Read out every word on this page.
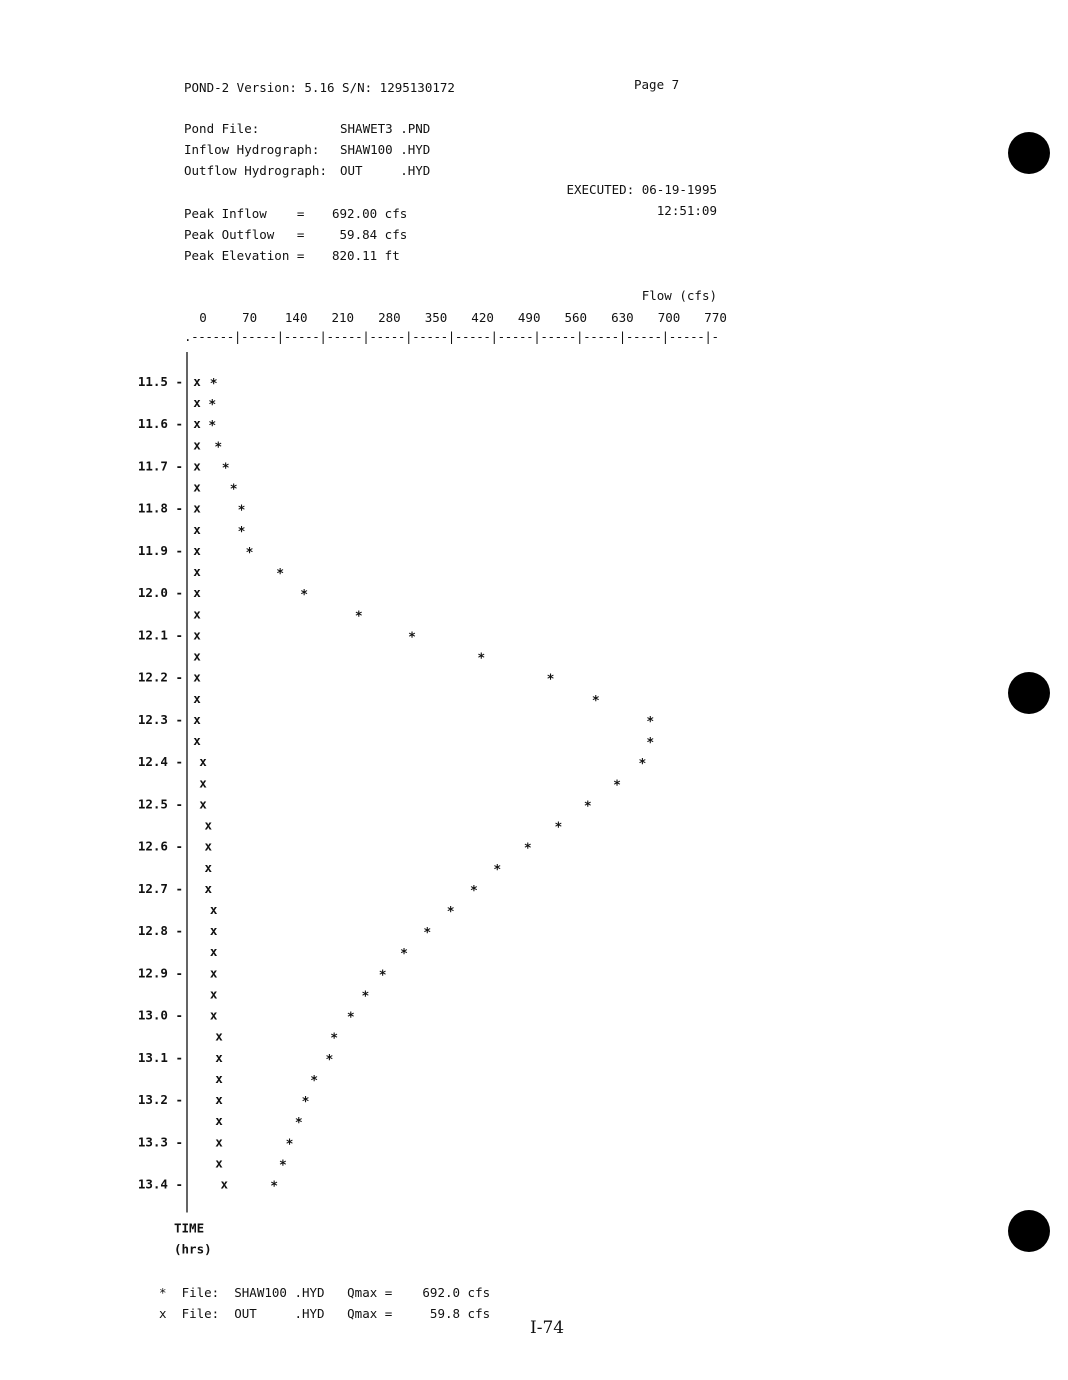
POND-2 Version: 5.16 S/N: 1295130172	Page 7
Pond File:	SHAWET3 .PND
Inflow Hydrograph: SHAW100 .HYD
Outflow Hydrograph: OUT     .HYD
EXECUTED: 06-19-1995
12:51:09
Peak Inflow    = 692.00 cfs
Peak Outflow   = 59.84 cfs
Peak Elevation = 820.11 ft
Flow (cfs)
0	70 140 210 280 350 420 490 560 630 700 770
.------|-----|-----|-----|-----|-----|-----|-----|-----|-----|-----|-----|-
11.5 -
11.6 -
11.7 -
11.8 -
11.9 -
12.0 -
12.1 -
12.2 -
12.3 -
12.4 -
12.5 -
12.6 -
12.7 -
12.8 -
12.9 -
13.0 -
13.1 -
13.2 -
13.3 -
13.4 -
TIME
(hrs)
*
*
*
*
*
*
*
*
*
*
*
*
*
*
*
*
*
*
*
*
*
*
*
*
*
*
*
*
*
*
*
*
*
*
*
*
*
*
*
x
x
x
x
x
x
x
x
x
x
x
x
x
x
x
x
x
x
x
x
x
x
x
x
x
x
x
x
x
x
x
x
x
x
x
x
x
x
x
*  File:  SHAW100 .HYD   Qmax =    692.0 cfs
x  File:  OUT     .HYD   Qmax =     59.8 cfs
I-74
